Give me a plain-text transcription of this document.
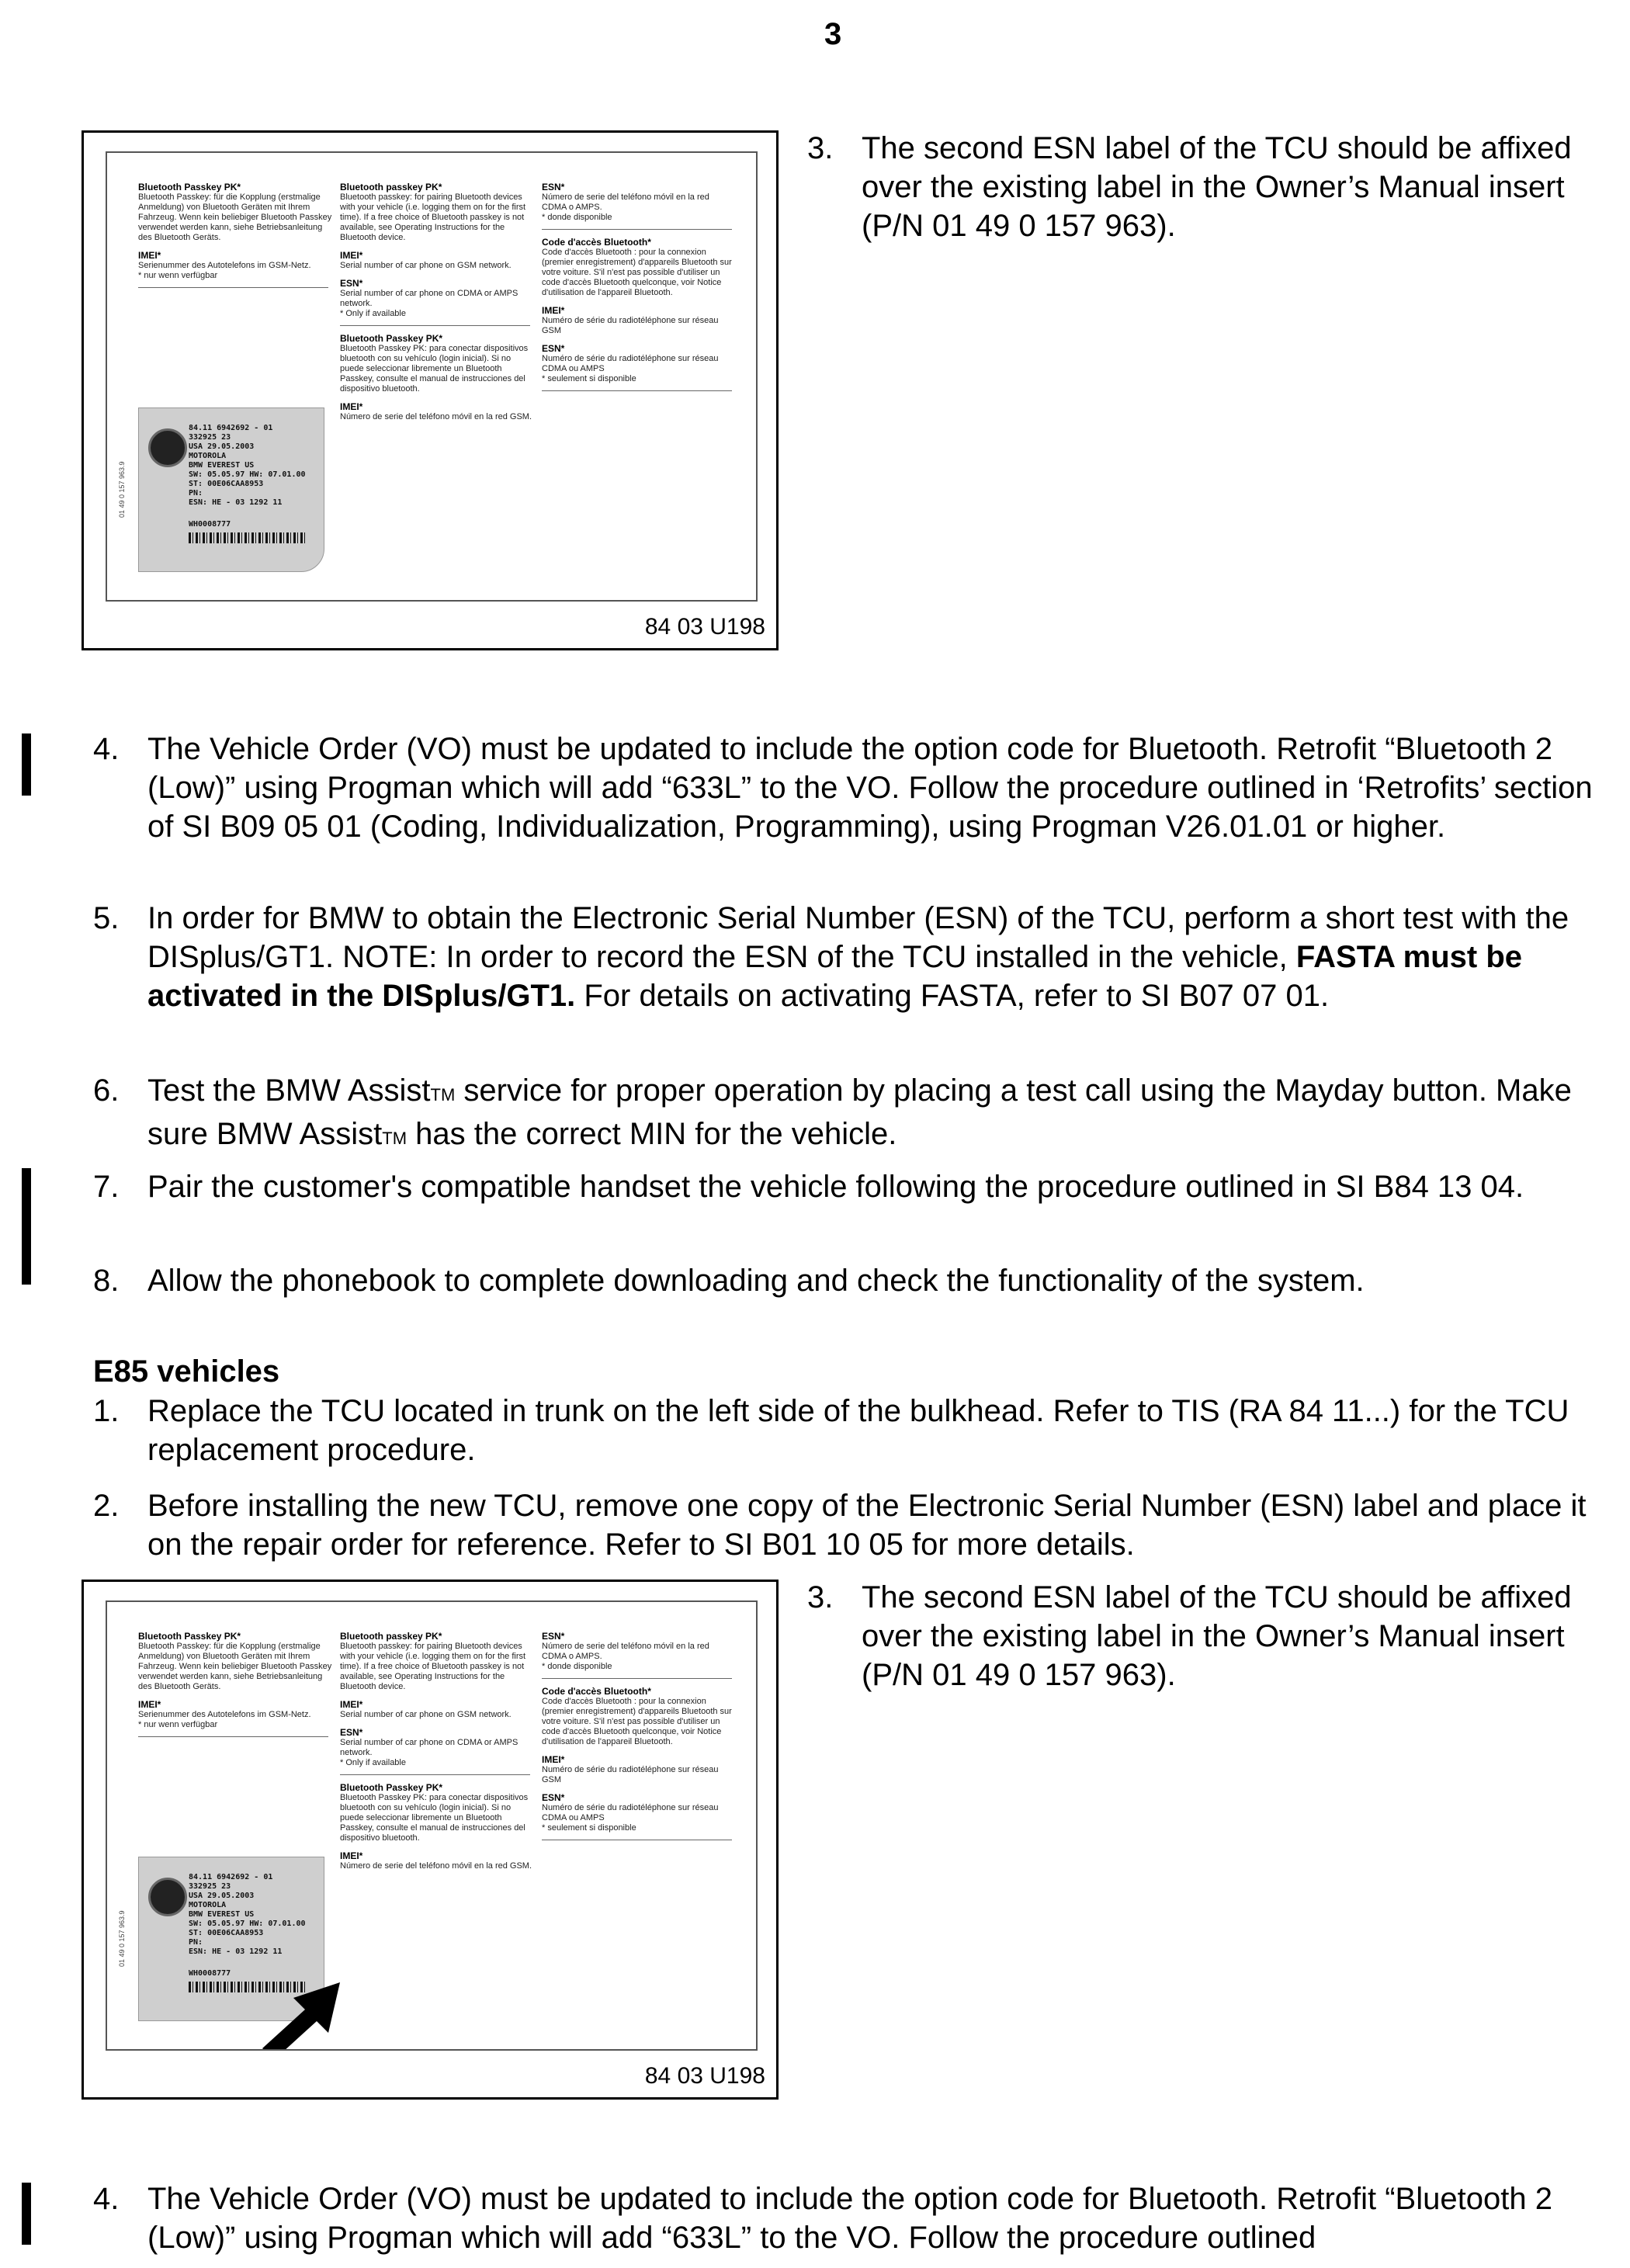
3
Bluetooth Passkey PK*
Bluetooth Passkey: für die Kopplung (erstmalige Anmeldung) von Bluetooth Geräten mit Ihrem Fahrzeug. Wenn kein beliebiger Bluetooth Passkey verwendet werden kann, siehe Betriebsanleitung des Bluetooth Geräts.
IMEI*
Serienummer des Autotelefons im GSM-Netz.
* nur wenn verfügbar
Bluetooth passkey PK*
Bluetooth passkey: for pairing Bluetooth devices with your vehicle (i.e. logging them on for the first time). If a free choice of Bluetooth passkey is not available, see Operating Instructions for the Bluetooth device.
IMEI*
Serial number of car phone on GSM network.
ESN*
Serial number of car phone on CDMA or AMPS network.
* Only if available
Bluetooth Passkey PK*
Bluetooth Passkey PK: para conectar dispositivos bluetooth con su vehículo (login inicial). Si no puede seleccionar libremente un Bluetooth Passkey, consulte el manual de instrucciones del dispositivo bluetooth.
IMEI*
Número de serie del teléfono móvil en la red GSM.
ESN*
Número de serie del teléfono móvil en la red CDMA o AMPS.
* donde disponible
Code d'accès Bluetooth*
Code d'accès Bluetooth : pour la connexion (premier enregistrement) d'appareils Bluetooth sur votre voiture. S'il n'est pas possible d'utiliser un code d'accès Bluetooth quelconque, voir Notice d'utilisation de l'appareil Bluetooth.
IMEI*
Numéro de série du radiotéléphone sur réseau GSM
ESN*
Numéro de série du radiotéléphone sur réseau CDMA ou AMPS
* seulement si disponible
84.11 6942692 - 01
332925 23
USA 29.05.2003
MOTOROLA
BMW EVEREST US
SW: 05.05.97 HW: 07.01.00
ST: 00E06CAA8953
PN:
ESN: HE - 03 1292 11
WH0008777
01 49 0 157 963.9
84 03 U198
3. The second ESN label of the TCU should be affixed over the existing label in the Owner’s Manual insert (P/N 01 49 0 157 963).
4. The Vehicle Order (VO) must be updated to include the option code for Bluetooth. Retrofit “Bluetooth 2 (Low)” using Progman which will add “633L” to the VO. Follow the procedure outlined in ‘Retrofits’ section of SI B09 05 01 (Coding, Individualization, Programming), using Progman V26.01.01 or higher.
5. In order for BMW to obtain the Electronic Serial Number (ESN) of the TCU, perform a short test with the DISplus/GT1. NOTE: In order to record the ESN of the TCU installed in the vehicle, FASTA must be activated in the DISplus/GT1. For details on activating FASTA, refer to SI B07 07 01.
6. Test the BMW AssistTM service for proper operation by placing a test call using the Mayday button. Make sure BMW AssistTM has the correct MIN for the vehicle.
7. Pair the customer's compatible handset the vehicle following the procedure outlined in SI B84 13 04.
8. Allow the phonebook to complete downloading and check the functionality of the system.
E85 vehicles
1. Replace the TCU located in trunk on the left side of the bulkhead. Refer to TIS (RA 84 11...) for the TCU replacement procedure.
2. Before installing the new TCU, remove one copy of the Electronic Serial Number (ESN) label and place it on the repair order for reference. Refer to SI B01 10 05 for more details.
Bluetooth Passkey PK*
Bluetooth Passkey: für die Kopplung (erstmalige Anmeldung) von Bluetooth Geräten mit Ihrem Fahrzeug. Wenn kein beliebiger Bluetooth Passkey verwendet werden kann, siehe Betriebsanleitung des Bluetooth Geräts.
IMEI*
Serienummer des Autotelefons im GSM-Netz.
* nur wenn verfügbar
Bluetooth passkey PK*
Bluetooth passkey: for pairing Bluetooth devices with your vehicle (i.e. logging them on for the first time). If a free choice of Bluetooth passkey is not available, see Operating Instructions for the Bluetooth device.
IMEI*
Serial number of car phone on GSM network.
ESN*
Serial number of car phone on CDMA or AMPS network.
* Only if available
Bluetooth Passkey PK*
Bluetooth Passkey PK: para conectar dispositivos bluetooth con su vehículo (login inicial). Si no puede seleccionar libremente un Bluetooth Passkey, consulte el manual de instrucciones del dispositivo bluetooth.
IMEI*
Número de serie del teléfono móvil en la red GSM.
ESN*
Número de serie del teléfono móvil en la red CDMA o AMPS.
* donde disponible
Code d'accès Bluetooth*
Code d'accès Bluetooth : pour la connexion (premier enregistrement) d'appareils Bluetooth sur votre voiture. S'il n'est pas possible d'utiliser un code d'accès Bluetooth quelconque, voir Notice d'utilisation de l'appareil Bluetooth.
IMEI*
Numéro de série du radiotéléphone sur réseau GSM
ESN*
Numéro de série du radiotéléphone sur réseau CDMA ou AMPS
* seulement si disponible
84.11 6942692 - 01
332925 23
USA 29.05.2003
MOTOROLA
BMW EVEREST US
SW: 05.05.97 HW: 07.01.00
ST: 00E06CAA8953
PN:
ESN: HE - 03 1292 11
WH0008777
01 49 0 157 963.9
84 03 U198
3. The second ESN label of the TCU should be affixed over the existing label in the Owner’s Manual insert (P/N 01 49 0 157 963).
4. The Vehicle Order (VO) must be updated to include the option code for Bluetooth. Retrofit “Bluetooth 2 (Low)” using Progman which will add “633L” to the VO. Follow the procedure outlined
